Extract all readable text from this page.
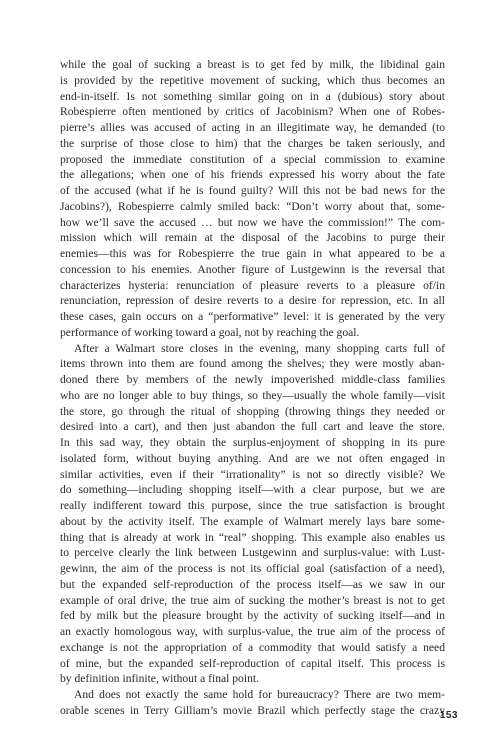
while the goal of sucking a breast is to get fed by milk, the libidinal gain
is provided by the repetitive movement of sucking, which thus becomes an
end-in-itself. Is not something similar going on in a (dubious) story about
Robespierre often mentioned by critics of Jacobinism? When one of Robes-
pierre’s allies was accused of acting in an illegitimate way, he demanded (to
the surprise of those close to him) that the charges be taken seriously, and
proposed the immediate constitution of a special commission to examine
the allegations; when one of his friends expressed his worry about the fate
of the accused (what if he is found guilty? Will this not be bad news for the
Jacobins?), Robespierre calmly smiled back: “Don’t worry about that, some-
how we’ll save the accused … but now we have the commission!” The com-
mission which will remain at the disposal of the Jacobins to purge their
enemies—this was for Robespierre the true gain in what appeared to be a
concession to his enemies. Another figure of Lustgewinn is the reversal that
characterizes hysteria: renunciation of pleasure reverts to a pleasure of/in
renunciation, repression of desire reverts to a desire for repression, etc. In all
these cases, gain occurs on a “performative” level: it is generated by the very
performance of working toward a goal, not by reaching the goal.
After a Walmart store closes in the evening, many shopping carts full of
items thrown into them are found among the shelves; they were mostly aban-
doned there by members of the newly impoverished middle-class families
who are no longer able to buy things, so they—usually the whole family—visit
the store, go through the ritual of shopping (throwing things they needed or
desired into a cart), and then just abandon the full cart and leave the store.
In this sad way, they obtain the surplus-enjoyment of shopping in its pure
isolated form, without buying anything. And are we not often engaged in
similar activities, even if their “irrationality” is not so directly visible? We
do something—including shopping itself—with a clear purpose, but we are
really indifferent toward this purpose, since the true satisfaction is brought
about by the activity itself. The example of Walmart merely lays bare some-
thing that is already at work in “real” shopping. This example also enables us
to perceive clearly the link between Lustgewinn and surplus-value: with Lust-
gewinn, the aim of the process is not its official goal (satisfaction of a need),
but the expanded self-reproduction of the process itself—as we saw in our
example of oral drive, the true aim of sucking the mother’s breast is not to get
fed by milk but the pleasure brought by the activity of sucking itself—and in
an exactly homologous way, with surplus-value, the true aim of the process of
exchange is not the appropriation of a commodity that would satisfy a need
of mine, but the expanded self-reproduction of capital itself. This process is
by definition infinite, without a final point.
And does not exactly the same hold for bureaucracy? There are two mem-
orable scenes in Terry Gilliam’s movie Brazil which perfectly stage the crazy
153
